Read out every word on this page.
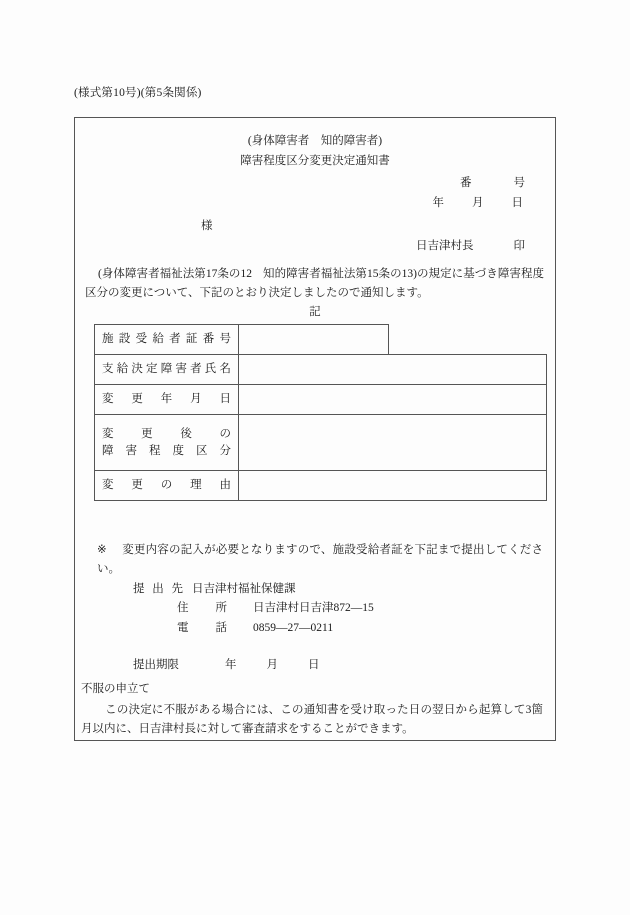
(様式第10号)(第5条関係)
(身体障害者　知的障害者)
障害程度区分変更決定通知書
番	号
年 月 日
様
日吉津村長	印
(身体障害者福祉法第17条の12 知的障害者福祉法第15条の13)の規定に基づき障害程度区分の変更について、下記のとおり決定しましたので通知します。
記
施設受給者証番号		
支給決定障害者氏名		
変更年月日		

変更後の
障害程度区分		

変更の理由		
※ 変更内容の記入が必要となりますので、施設受給者証を下記まで提出してください。
提出先 日吉津村福祉保健課
住所 日吉津村日吉津872—15
電話 0859—27—0211
提出期限	年	月	日
不服の申立て
この決定に不服がある場合には、この通知書を受け取った日の翌日から起算して3箇月以内に、日吉津村長に対して審査請求をすることができます。
